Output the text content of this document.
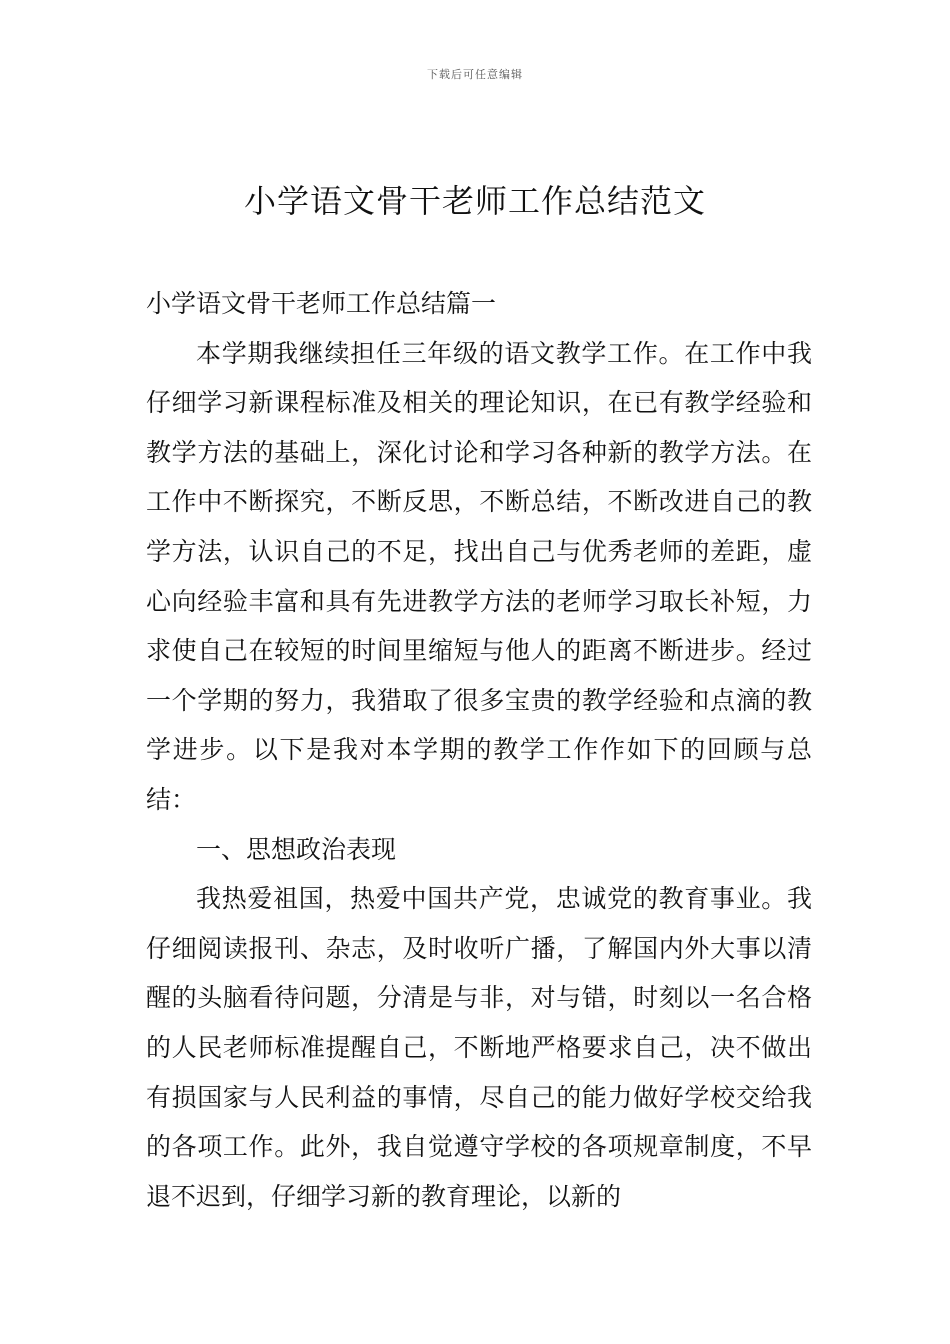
下载后可任意编辑
小学语文骨干老师工作总结范文

小学语文骨干老师工作总结篇一

本学期我继续担任三年级的语文教学工作。在工作中我仔细学习新课程标准及相关的理论知识，在已有教学经验和教学方法的基础上，深化讨论和学习各种新的教学方法。在工作中不断探究，不断反思，不断总结，不断改进自己的教学方法，认识自己的不足，找出自己与优秀老师的差距，虚心向经验丰富和具有先进教学方法的老师学习取长补短，力求使自己在较短的时间里缩短与他人的距离不断进步。经过一个学期的努力，我猎取了很多宝贵的教学经验和点滴的教学进步。以下是我对本学期的教学工作作如下的回顾与总结：

一、思想政治表现

我热爱祖国，热爱中国共产党，忠诚党的教育事业。我仔细阅读报刊、杂志，及时收听广播，了解国内外大事以清醒的头脑看待问题，分清是与非，对与错，时刻以一名合格的人民老师标准提醒自己，不断地严格要求自己，决不做出有损国家与人民利益的事情，尽自己的能力做好学校交给我的各项工作。此外，我自觉遵守学校的各项规章制度，不早退不迟到，仔细学习新的教育理论，以新的
